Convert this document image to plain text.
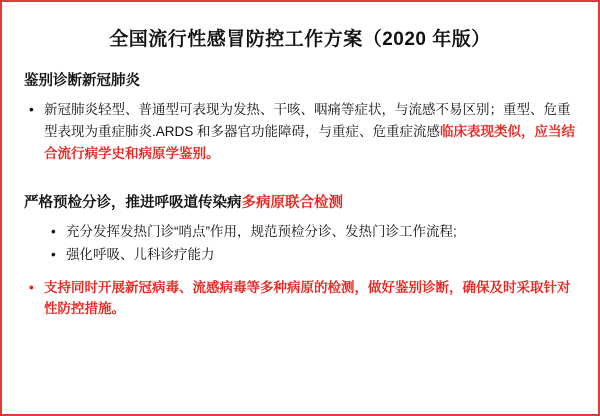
全国流行性感冒防控工作方案（2020 年版）
鉴别诊断新冠肺炎
• 新冠肺炎轻型、普通型可表现为发热、干咳、咽痛等症状，与流感不易区别；重型、危重型表现为重症肺炎.ARDS 和多器官功能障碍，与重症、危重症流感临床表现类似，应当结合流行病学史和病原学鉴别。
严格预检分诊，推进呼吸道传染病多病原联合检测
• 充分发挥发热门诊“哨点”作用，规范预检分诊、发热门诊工作流程;
• 强化呼吸、儿科诊疗能力
• 支持同时开展新冠病毒、流感病毒等多种病原的检测，做好鉴别诊断，确保及时采取针对性防控措施。
